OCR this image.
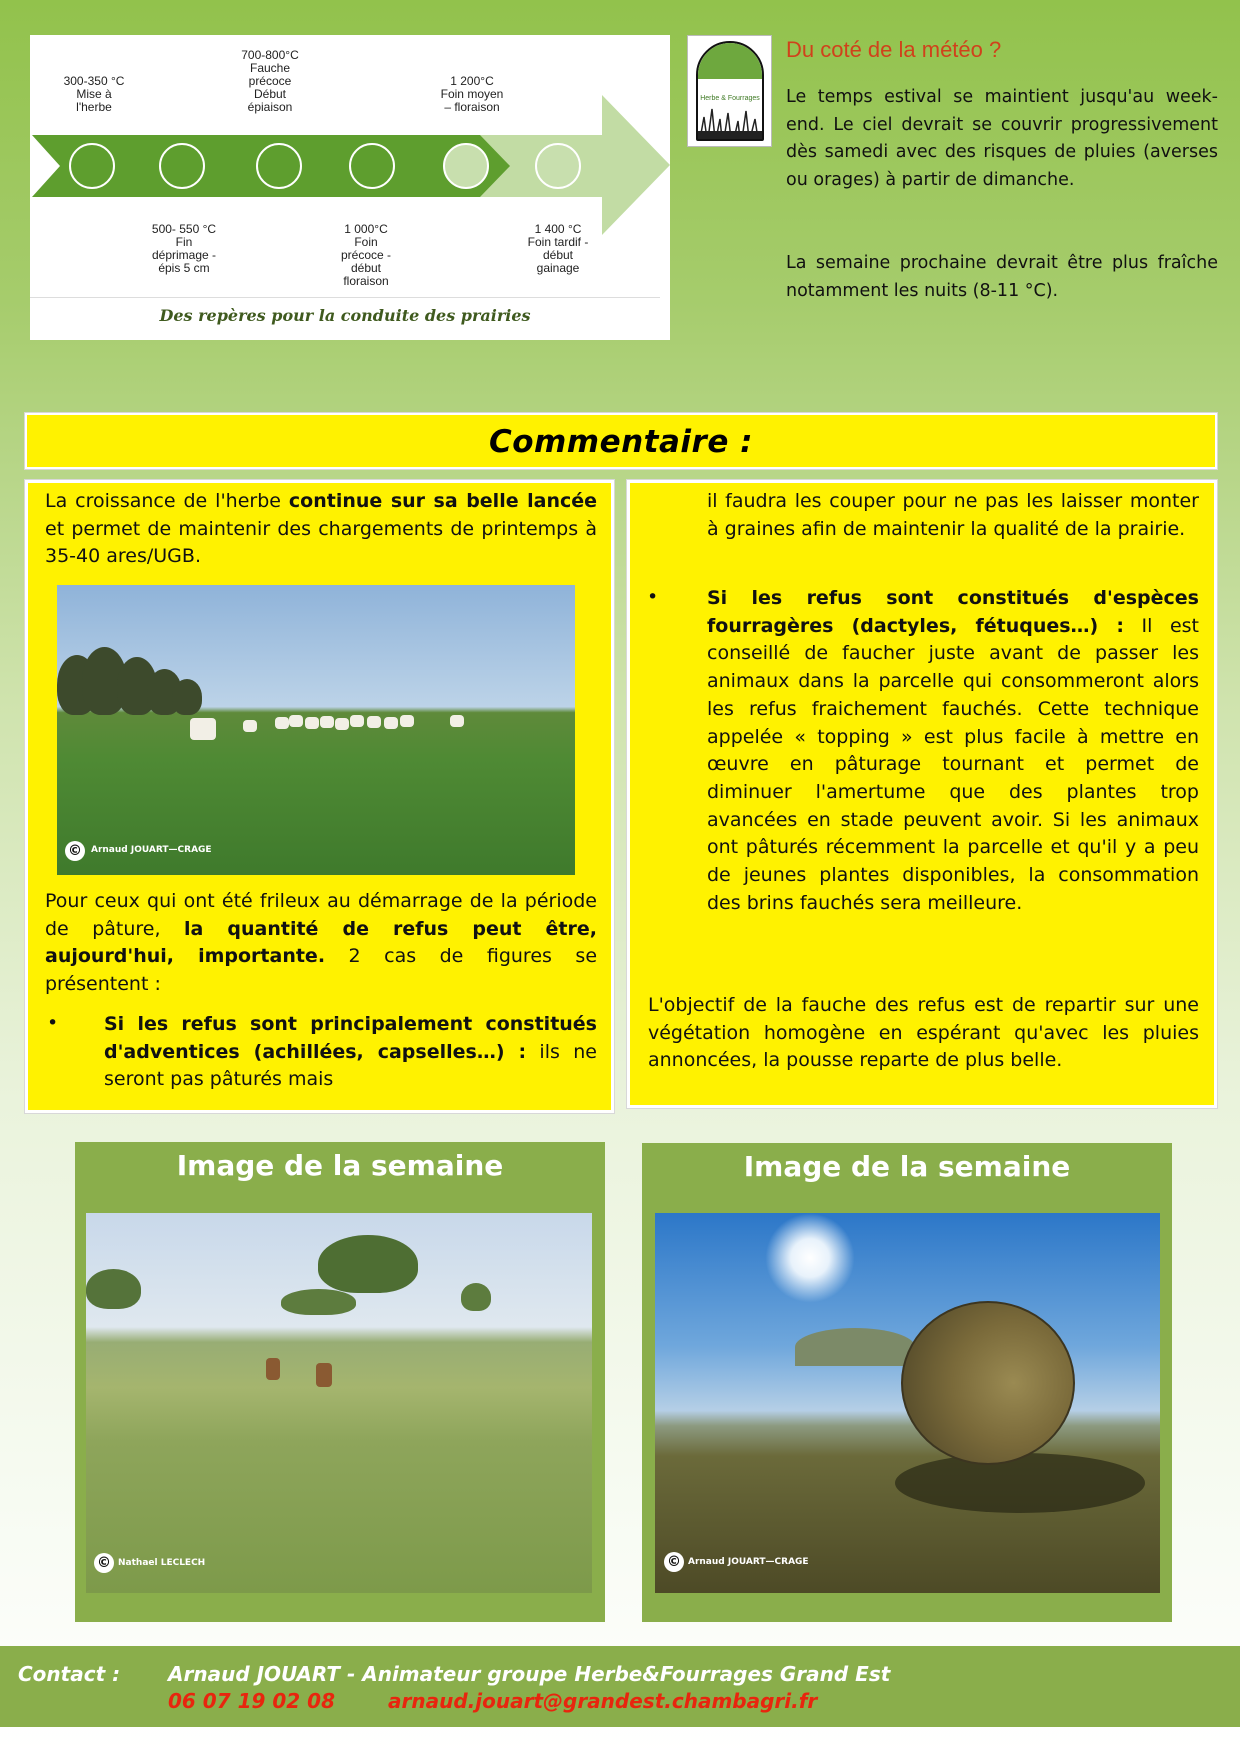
300-350 °C
Mise à
l'herbe
700-800°C
Fauche
précoce
Début
épiaison
1 200°C
Foin moyen
– floraison
500- 550 °C
Fin
déprimage -
épis 5 cm
1 000°C
Foin
précoce -
début
floraison
1 400 °C
Foin tardif -
début
gainage
Des repères pour la conduite des prairies
Herbe & Fourrages
Du coté de la météo ?

Le temps estival se maintient jusqu'au week-end. Le ciel devrait se couvrir progressivement dès samedi avec des risques de pluies (averses ou orages) à partir de dimanche.

La semaine prochaine devrait être plus fraîche notamment les nuits (8-11 °C).

Commentaire :

La croissance de l'herbe continue sur sa belle lancée et permet de maintenir des chargements de printemps à 35-40 ares/UGB.

©	Arnaud JOUART—CRAGE

Pour ceux qui ont été frileux au démarrage de la période de pâture, la quantité de refus peut être, aujourd'hui, importante. 2 cas de figures se présentent :

• Si les refus sont principalement constitués d'adventices (achillées, capselles…) : ils ne seront pas pâturés mais

il faudra les couper pour ne pas les laisser monter à graines afin de maintenir la qualité de la prairie.

•	Si les refus sont constitués d'espèces fourragères (dactyles, fétuques…) : Il est conseillé de faucher juste avant de passer les animaux dans la parcelle qui consommeront alors les refus fraichement fauchés. Cette technique appelée « topping » est plus facile à mettre en œuvre en pâturage tournant et permet de diminuer l'amertume que des plantes trop avancées en stade peuvent avoir. Si les animaux ont pâturés récemment la parcelle et qu'il y a peu de jeunes plantes disponibles, la consommation des brins fauchés sera meilleure.

L'objectif de la fauche des refus est de repartir sur une végétation homogène en espérant qu'avec les pluies annoncées, la pousse reparte de plus belle.

Image de la semaine
© Nathael LECLECH
Image de la semaine
© Arnaud JOUART—CRAGE
Contact : Arnaud JOUART - Animateur groupe Herbe&Fourrages Grand Est
06 07 19 02 08	arnaud.jouart@grandest.chambagri.fr
